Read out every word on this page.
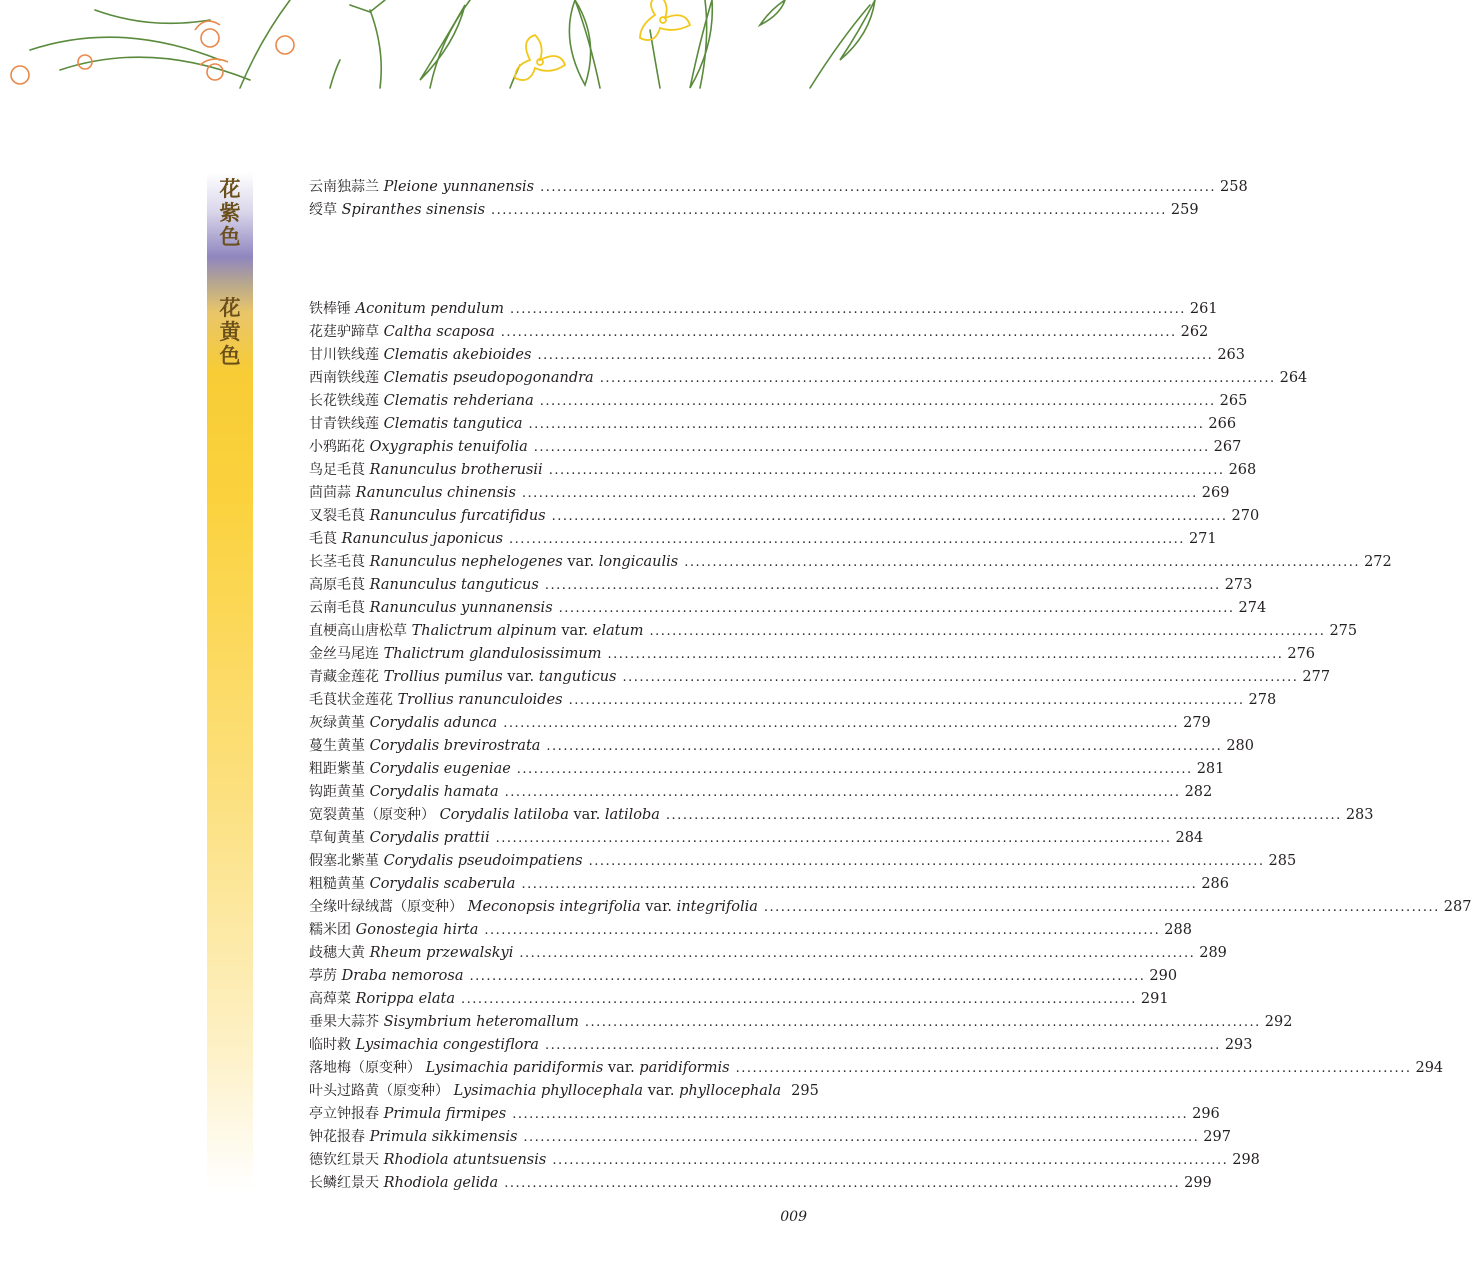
花紫色
花黄色
云南独蒜兰 Pleione yunnanensis ........................................................................................................................ 258
绶草 Spiranthes sinensis ........................................................................................................................ 259
铁棒锤 Aconitum pendulum ........................................................................................................................ 261
花莛驴蹄草 Caltha scaposa ........................................................................................................................ 262
甘川铁线莲 Clematis akebioides ........................................................................................................................ 263
西南铁线莲 Clematis pseudopogonandra ........................................................................................................................ 264
长花铁线莲 Clematis rehderiana ........................................................................................................................ 265
甘青铁线莲 Clematis tangutica ........................................................................................................................ 266
小鸦跖花 Oxygraphis tenuifolia ........................................................................................................................ 267
鸟足毛茛 Ranunculus brotherusii ........................................................................................................................ 268
茴茴蒜 Ranunculus chinensis ........................................................................................................................ 269
叉裂毛茛 Ranunculus furcatifidus ........................................................................................................................ 270
毛茛 Ranunculus japonicus ........................................................................................................................ 271
长茎毛茛 Ranunculus nephelogenes var. longicaulis ........................................................................................................................ 272
高原毛茛 Ranunculus tanguticus ........................................................................................................................ 273
云南毛茛 Ranunculus yunnanensis ........................................................................................................................ 274
直梗高山唐松草 Thalictrum alpinum var. elatum ........................................................................................................................ 275
金丝马尾连 Thalictrum glandulosissimum ........................................................................................................................ 276
青藏金莲花 Trollius pumilus var. tanguticus ........................................................................................................................ 277
毛茛状金莲花 Trollius ranunculoides ........................................................................................................................ 278
灰绿黄堇 Corydalis adunca ........................................................................................................................ 279
蔓生黄堇 Corydalis brevirostrata ........................................................................................................................ 280
粗距紫堇 Corydalis eugeniae ........................................................................................................................ 281
钩距黄堇 Corydalis hamata ........................................................................................................................ 282
宽裂黄堇（原变种） Corydalis latiloba var. latiloba ........................................................................................................................ 283
草甸黄堇 Corydalis prattii ........................................................................................................................ 284
假塞北紫堇 Corydalis pseudoimpatiens ........................................................................................................................ 285
粗糙黄堇 Corydalis scaberula ........................................................................................................................ 286
全缘叶绿绒蒿（原变种） Meconopsis integrifolia var. integrifolia ........................................................................................................................ 287
糯米团 Gonostegia hirta ........................................................................................................................ 288
歧穗大黄 Rheum przewalskyi ........................................................................................................................ 289
葶苈 Draba nemorosa ........................................................................................................................ 290
高蔊菜 Rorippa elata ........................................................................................................................ 291
垂果大蒜芥 Sisymbrium heteromallum ........................................................................................................................ 292
临时救 Lysimachia congestiflora ........................................................................................................................ 293
落地梅（原变种） Lysimachia paridiformis var. paridiformis ........................................................................................................................ 294
叶头过路黄（原变种） Lysimachia phyllocephala var. phyllocephala 295
亭立钟报春 Primula firmipes ........................................................................................................................ 296
钟花报春 Primula sikkimensis ........................................................................................................................ 297
德钦红景天 Rhodiola atuntsuensis ........................................................................................................................ 298
长鳞红景天 Rhodiola gelida ........................................................................................................................ 299
009
